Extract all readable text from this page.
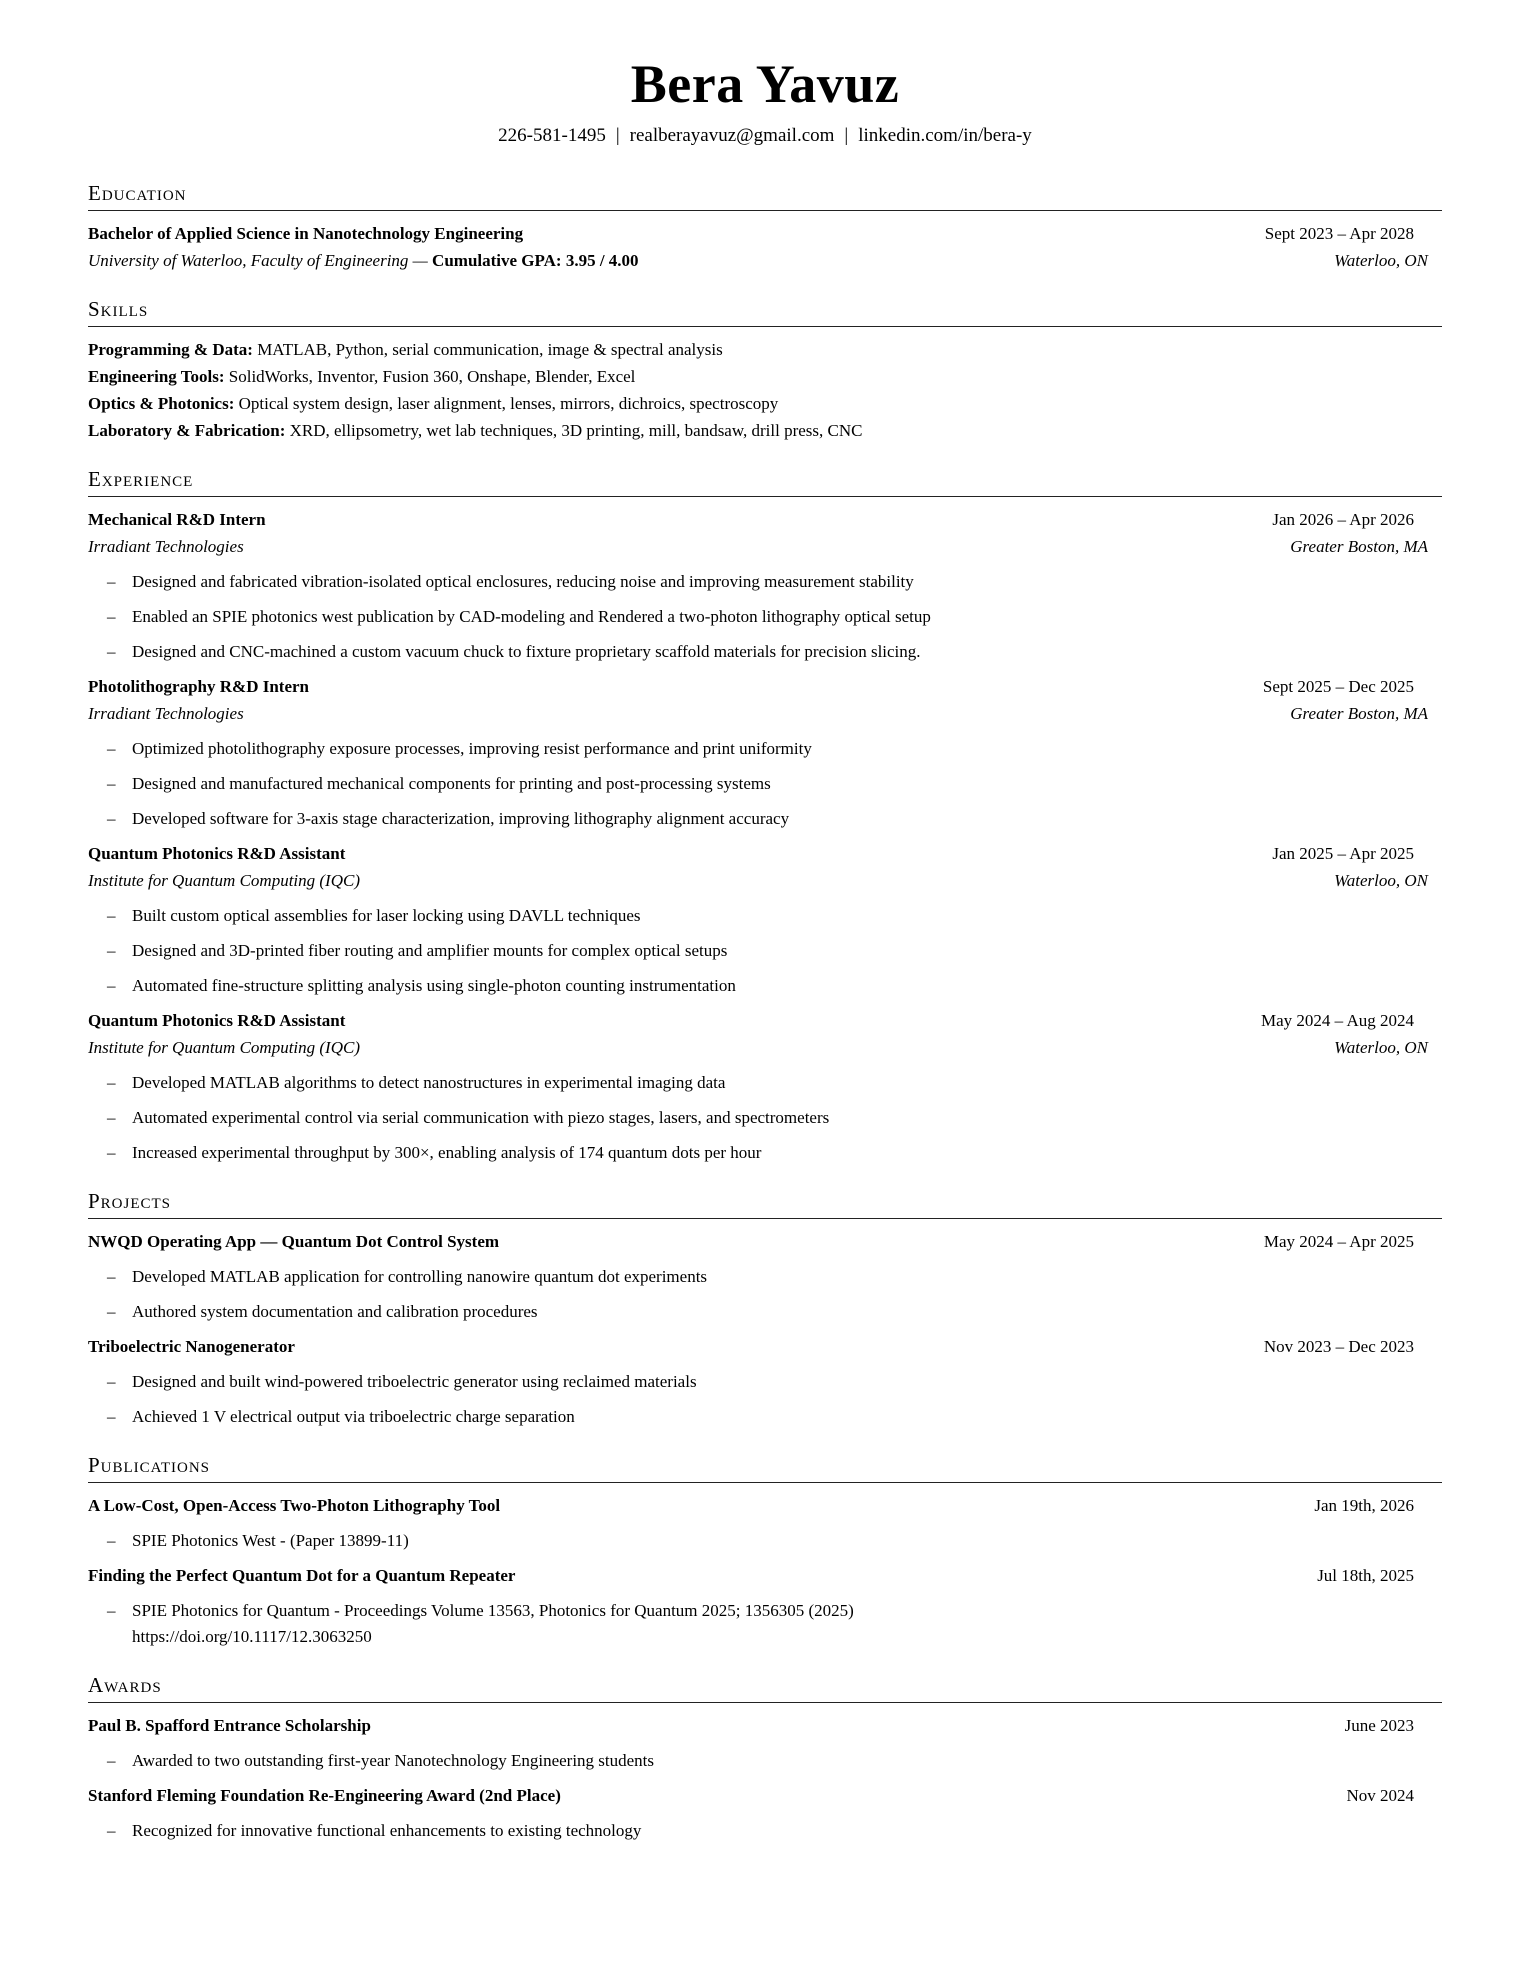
Bera Yavuz
226-581-1495 | realberayavuz@gmail.com | linkedin.com/in/bera-y
Education
Bachelor of Applied Science in Nanotechnology Engineering	Sept 2023 – Apr 2028
University of Waterloo, Faculty of Engineering — Cumulative GPA: 3.95 / 4.00	Waterloo, ON
Skills
Programming & Data: MATLAB, Python, serial communication, image & spectral analysis
Engineering Tools: SolidWorks, Inventor, Fusion 360, Onshape, Blender, Excel
Optics & Photonics: Optical system design, laser alignment, lenses, mirrors, dichroics, spectroscopy
Laboratory & Fabrication: XRD, ellipsometry, wet lab techniques, 3D printing, mill, bandsaw, drill press, CNC
Experience
Mechanical R&D Intern	Jan 2026 – Apr 2026
Irradiant Technologies	Greater Boston, MA
– Designed and fabricated vibration-isolated optical enclosures, reducing noise and improving measurement stability
– Enabled an SPIE photonics west publication by CAD-modeling and Rendered a two-photon lithography optical setup
– Designed and CNC-machined a custom vacuum chuck to fixture proprietary scaffold materials for precision slicing.
Photolithography R&D Intern	Sept 2025 – Dec 2025
Irradiant Technologies	Greater Boston, MA
– Optimized photolithography exposure processes, improving resist performance and print uniformity
– Designed and manufactured mechanical components for printing and post-processing systems
– Developed software for 3-axis stage characterization, improving lithography alignment accuracy
Quantum Photonics R&D Assistant	Jan 2025 – Apr 2025
Institute for Quantum Computing (IQC)	Waterloo, ON
– Built custom optical assemblies for laser locking using DAVLL techniques
– Designed and 3D-printed fiber routing and amplifier mounts for complex optical setups
– Automated fine-structure splitting analysis using single-photon counting instrumentation
Quantum Photonics R&D Assistant	May 2024 – Aug 2024
Institute for Quantum Computing (IQC)	Waterloo, ON
– Developed MATLAB algorithms to detect nanostructures in experimental imaging data
– Automated experimental control via serial communication with piezo stages, lasers, and spectrometers
– Increased experimental throughput by 300×, enabling analysis of 174 quantum dots per hour
Projects
NWQD Operating App — Quantum Dot Control System	May 2024 – Apr 2025
– Developed MATLAB application for controlling nanowire quantum dot experiments
– Authored system documentation and calibration procedures
Triboelectric Nanogenerator	Nov 2023 – Dec 2023
– Designed and built wind-powered triboelectric generator using reclaimed materials
– Achieved 1 V electrical output via triboelectric charge separation
Publications
A Low-Cost, Open-Access Two-Photon Lithography Tool	Jan 19th, 2026
– SPIE Photonics West - (Paper 13899-11)
Finding the Perfect Quantum Dot for a Quantum Repeater	Jul 18th, 2025
– SPIE Photonics for Quantum - Proceedings Volume 13563, Photonics for Quantum 2025; 1356305 (2025)
https://doi.org/10.1117/12.3063250
Awards
Paul B. Spafford Entrance Scholarship	June 2023
– Awarded to two outstanding first-year Nanotechnology Engineering students
Stanford Fleming Foundation Re-Engineering Award (2nd Place)	Nov 2024
– Recognized for innovative functional enhancements to existing technology
